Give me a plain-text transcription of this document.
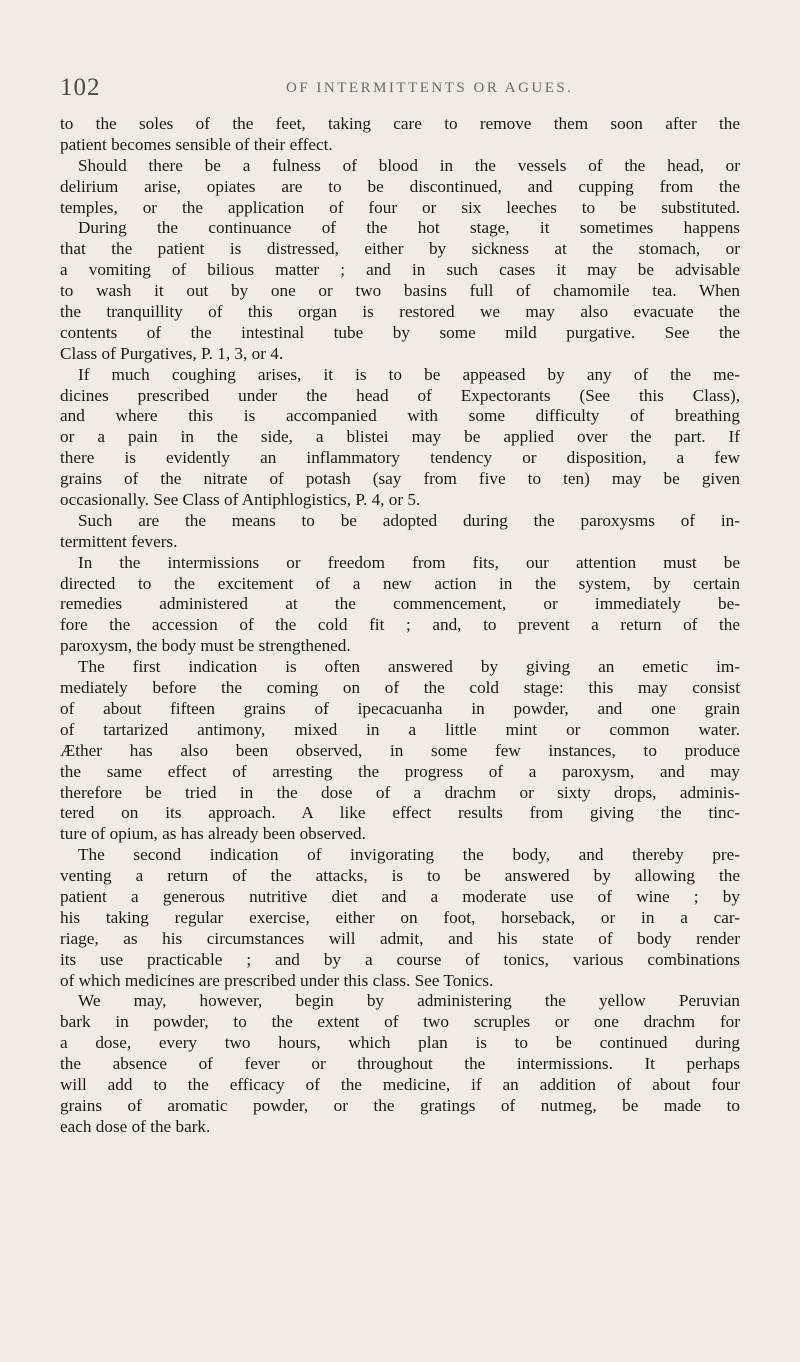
102	OF INTERMITTENTS OR AGUES.
to the soles of the feet, taking care to remove them soon after the
patient becomes sensible of their effect.
Should there be a fulness of blood in the vessels of the head, or
delirium arise, opiates are to be discontinued, and cupping from the
temples, or the application of four or six leeches to be substituted.
During the continuance of the hot stage, it sometimes happens
that the patient is distressed, either by sickness at the stomach, or
a vomiting of bilious matter ; and in such cases it may be advisable
to wash it out by one or two basins full of chamomile tea. When
the tranquillity of this organ is restored we may also evacuate the
contents of the intestinal tube by some mild purgative. See the
Class of Purgatives, P. 1, 3, or 4.
If much coughing arises, it is to be appeased by any of the me-
dicines prescribed under the head of Expectorants (See this Class),
and where this is accompanied with some difficulty of breathing
or a pain in the side, a blistei may be applied over the part. If
there is evidently an inflammatory tendency or disposition, a few
grains of the nitrate of potash (say from five to ten) may be given
occasionally. See Class of Antiphlogistics, P. 4, or 5.
Such are the means to be adopted during the paroxysms of in-
termittent fevers.
In the intermissions or freedom from fits, our attention must be
directed to the excitement of a new action in the system, by certain
remedies administered at the commencement, or immediately be-
fore the accession of the cold fit ; and, to prevent a return of the
paroxysm, the body must be strengthened.
The first indication is often answered by giving an emetic im-
mediately before the coming on of the cold stage: this may consist
of about fifteen grains of ipecacuanha in powder, and one grain
of tartarized antimony, mixed in a little mint or common water.
Æther has also been observed, in some few instances, to produce
the same effect of arresting the progress of a paroxysm, and may
therefore be tried in the dose of a drachm or sixty drops, adminis-
tered on its approach. A like effect results from giving the tinc-
ture of opium, as has already been observed.
The second indication of invigorating the body, and thereby pre-
venting a return of the attacks, is to be answered by allowing the
patient a generous nutritive diet and a moderate use of wine ; by
his taking regular exercise, either on foot, horseback, or in a car-
riage, as his circumstances will admit, and his state of body render
its use practicable ; and by a course of tonics, various combinations
of which medicines are prescribed under this class. See Tonics.
We may, however, begin by administering the yellow Peruvian
bark in powder, to the extent of two scruples or one drachm for
a dose, every two hours, which plan is to be continued during
the absence of fever or throughout the intermissions. It perhaps
will add to the efficacy of the medicine, if an addition of about four
grains of aromatic powder, or the gratings of nutmeg, be made to
each dose of the bark.
